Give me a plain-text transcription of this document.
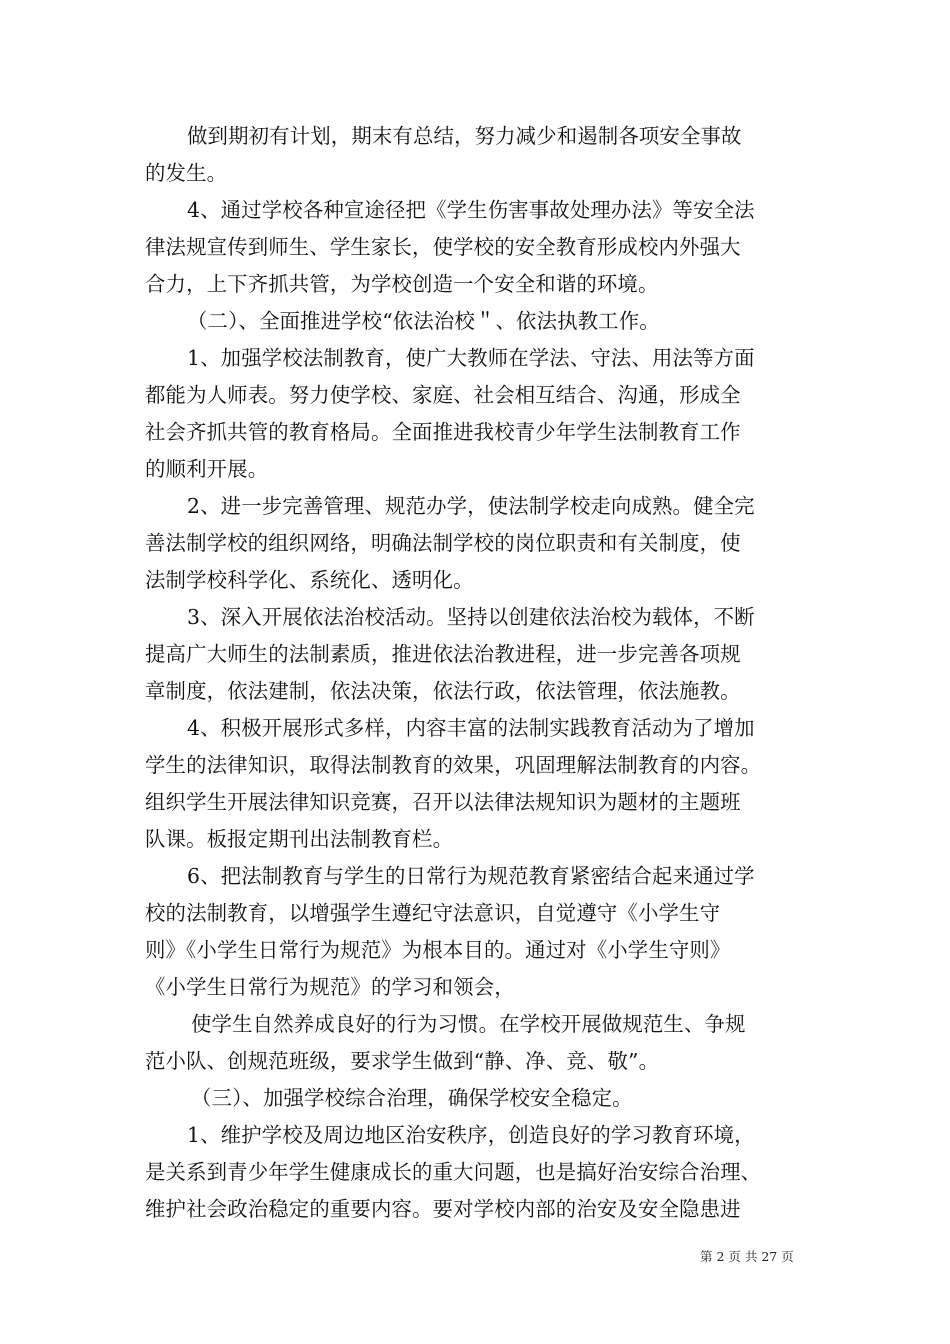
做到期初有计划，期末有总结，努力减少和遏制各项安全事故
的发生。
4、通过学校各种宣途径把《学生伤害事故处理办法》等安全法
律法规宣传到师生、学生家长，使学校的安全教育形成校内外强大
合力，上下齐抓共管，为学校创造一个安全和谐的环境。
（二）、全面推进学校“依法治校＂、依法执教工作。
1、加强学校法制教育，使广大教师在学法、守法、用法等方面
都能为人师表。努力使学校、家庭、社会相互结合、沟通，形成全
社会齐抓共管的教育格局。全面推进我校青少年学生法制教育工作
的顺利开展。
2、进一步完善管理、规范办学，使法制学校走向成熟。健全完
善法制学校的组织网络，明确法制学校的岗位职责和有关制度，使
法制学校科学化、系统化、透明化。
3、深入开展依法治校活动。坚持以创建依法治校为载体，不断
提高广大师生的法制素质，推进依法治教进程，进一步完善各项规
章制度，依法建制，依法决策，依法行政，依法管理，依法施教。
4、积极开展形式多样，内容丰富的法制实践教育活动为了增加
学生的法律知识，取得法制教育的效果，巩固理解法制教育的内容。
组织学生开展法律知识竞赛，召开以法律法规知识为题材的主题班
队课。板报定期刊出法制教育栏。
6、把法制教育与学生的日常行为规范教育紧密结合起来通过学
校的法制教育，以增强学生遵纪守法意识，自觉遵守《小学生守
则》《小学生日常行为规范》为根本目的。通过对《小学生守则》
《小学生日常行为规范》的学习和领会，
使学生自然养成良好的行为习惯。在学校开展做规范生、争规
范小队、创规范班级，要求学生做到“静、净、竞、敬”。
（三）、加强学校综合治理，确保学校安全稳定。
1、维护学校及周边地区治安秩序，创造良好的学习教育环境，
是关系到青少年学生健康成长的重大问题，也是搞好治安综合治理、
维护社会政治稳定的重要内容。要对学校内部的治安及安全隐患进
第 2 页 共 27 页
